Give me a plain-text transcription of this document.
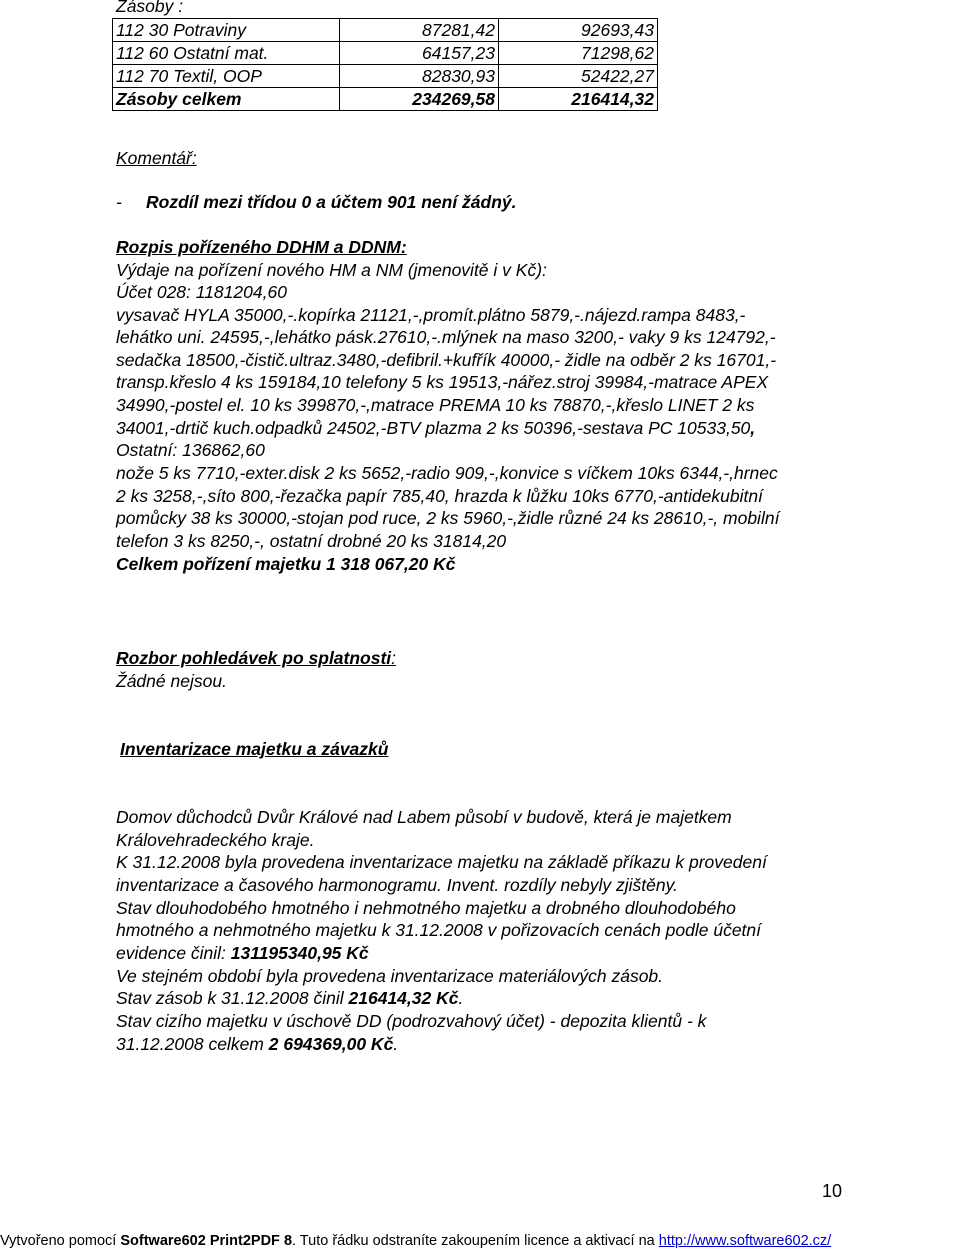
Zásoby :
112 30 Potraviny	87281,42	92693,43
112 60 Ostatní mat.	64157,23	71298,62
112 70 Textil, OOP	82830,93	52422,27
Zásoby celkem	234269,58	216414,32
Komentář:
- Rozdíl mezi třídou 0 a účtem 901 není žádný.
Rozpis pořízeného DDHM a DDNM:
Výdaje na pořízení nového HM a NM (jmenovitě i v Kč):
Účet 028: 1181204,60
vysavač HYLA 35000,-.kopírka 21121,-,promít.plátno 5879,-.nájezd.rampa 8483,-
lehátko uni. 24595,-,lehátko pásk.27610,-.mlýnek na maso 3200,- vaky 9 ks 124792,-
sedačka 18500,-čistič.ultraz.3480,-defibril.+kufřík 40000,- židle na odběr 2 ks 16701,-
transp.křeslo 4 ks 159184,10 telefony 5 ks 19513,-nářez.stroj 39984,-matrace APEX
34990,-postel el. 10 ks 399870,-,matrace PREMA 10 ks 78870,-,křeslo LINET 2 ks
34001,-drtič kuch.odpadků 24502,-BTV plazma 2 ks 50396,-sestava PC 10533,50,
Ostatní: 136862,60
nože 5 ks 7710,-exter.disk 2 ks 5652,-radio 909,-,konvice s víčkem 10ks 6344,-,hrnec
2 ks 3258,-,síto 800,-řezačka papír 785,40, hrazda k lůžku 10ks 6770,-antidekubitní
pomůcky 38 ks 30000,-stojan pod ruce, 2 ks 5960,-,židle různé 24 ks 28610,-, mobilní
telefon 3 ks 8250,-, ostatní drobné 20 ks 31814,20
Celkem pořízení majetku 1 318 067,20 Kč
Rozbor pohledávek po splatnosti:
Žádné nejsou.
Inventarizace majetku a závazků
Domov důchodců Dvůr Králové nad Labem působí v budově, která je majetkem
Královehradeckého kraje.
K 31.12.2008 byla provedena inventarizace majetku na základě příkazu k provedení
inventarizace a časového harmonogramu. Invent. rozdíly nebyly zjištěny.
Stav dlouhodobého hmotného i nehmotného majetku a drobného dlouhodobého
hmotného a nehmotného majetku k 31.12.2008 v pořizovacích cenách podle účetní
evidence činil: 131195340,95 Kč
Ve stejném období byla provedena inventarizace materiálových zásob.
Stav zásob k 31.12.2008 činil 216414,32 Kč.
Stav cizího majetku v úschově DD (podrozvahový účet) - depozita klientů - k
31.12.2008 celkem 2 694369,00 Kč.
10
Vytvořeno pomocí Software602 Print2PDF 8. Tuto řádku odstraníte zakoupením licence a aktivací na http://www.software602.cz/
